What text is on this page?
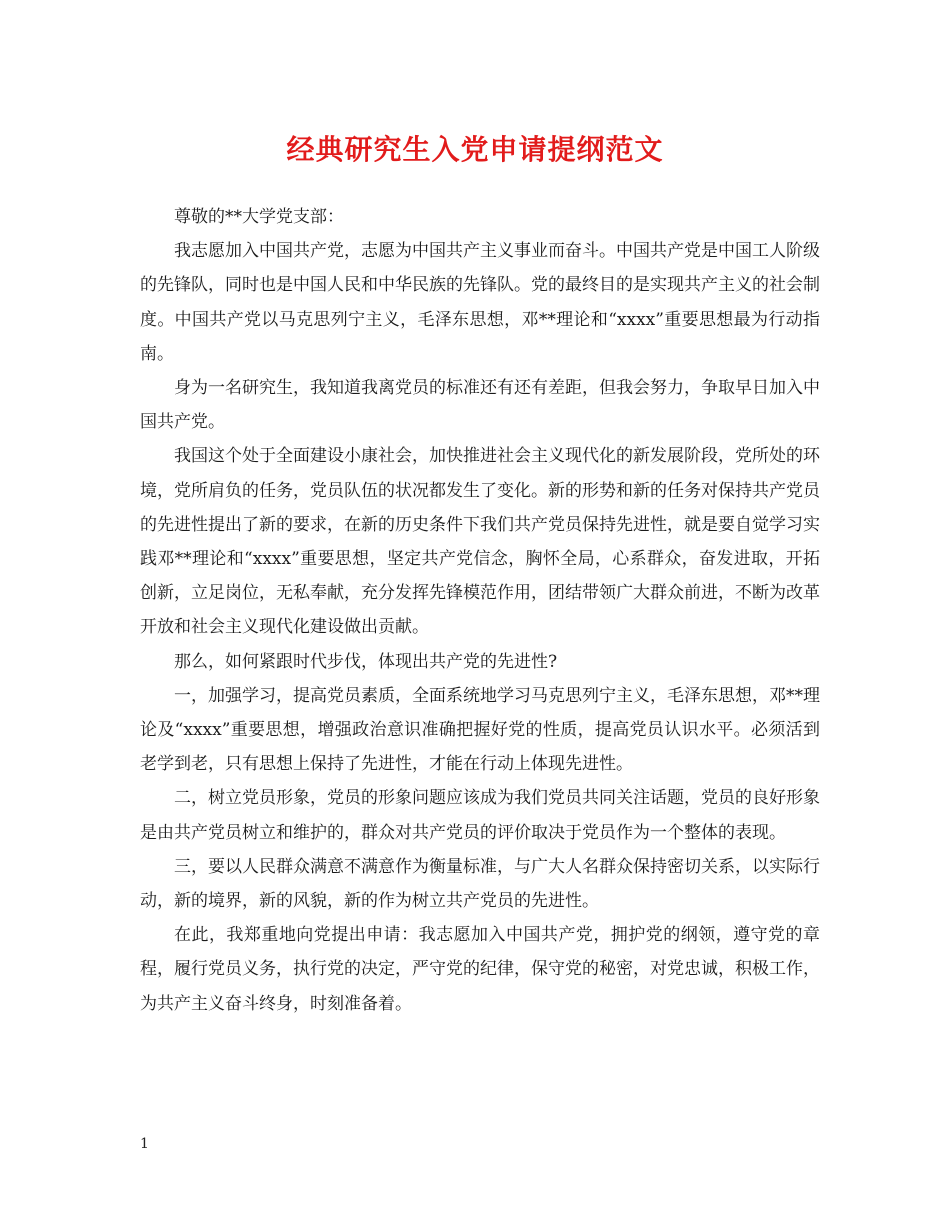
经典研究生入党申请提纲范文

尊敬的**大学党支部：

我志愿加入中国共产党，志愿为中国共产主义事业而奋斗。中国共产党是中国工人阶级的先锋队，同时也是中国人民和中华民族的先锋队。党的最终目的是实现共产主义的社会制度。中国共产党以马克思列宁主义，毛泽东思想，邓**理论和“xxxx”重要思想最为行动指南。

身为一名研究生，我知道我离党员的标准还有还有差距，但我会努力，争取早日加入中国共产党。

我国这个处于全面建设小康社会，加快推进社会主义现代化的新发展阶段，党所处的环境，党所肩负的任务，党员队伍的状况都发生了变化。新的形势和新的任务对保持共产党员的先进性提出了新的要求，在新的历史条件下我们共产党员保持先进性，就是要自觉学习实践邓**理论和“xxxx”重要思想，坚定共产党信念，胸怀全局，心系群众，奋发进取，开拓创新，立足岗位，无私奉献，充分发挥先锋模范作用，团结带领广大群众前进，不断为改革开放和社会主义现代化建设做出贡献。

那么，如何紧跟时代步伐，体现出共产党的先进性?

一，加强学习，提高党员素质，全面系统地学习马克思列宁主义，毛泽东思想，邓**理论及“xxxx”重要思想，增强政治意识准确把握好党的性质，提高党员认识水平。必须活到老学到老，只有思想上保持了先进性，才能在行动上体现先进性。

二，树立党员形象，党员的形象问题应该成为我们党员共同关注话题，党员的良好形象是由共产党员树立和维护的，群众对共产党员的评价取决于党员作为一个整体的表现。

三，要以人民群众满意不满意作为衡量标准，与广大人名群众保持密切关系，以实际行动，新的境界，新的风貌，新的作为树立共产党员的先进性。

在此，我郑重地向党提出申请：我志愿加入中国共产党，拥护党的纲领，遵守党的章程，履行党员义务，执行党的决定，严守党的纪律，保守党的秘密，对党忠诚，积极工作，为共产主义奋斗终身，时刻准备着。

1
